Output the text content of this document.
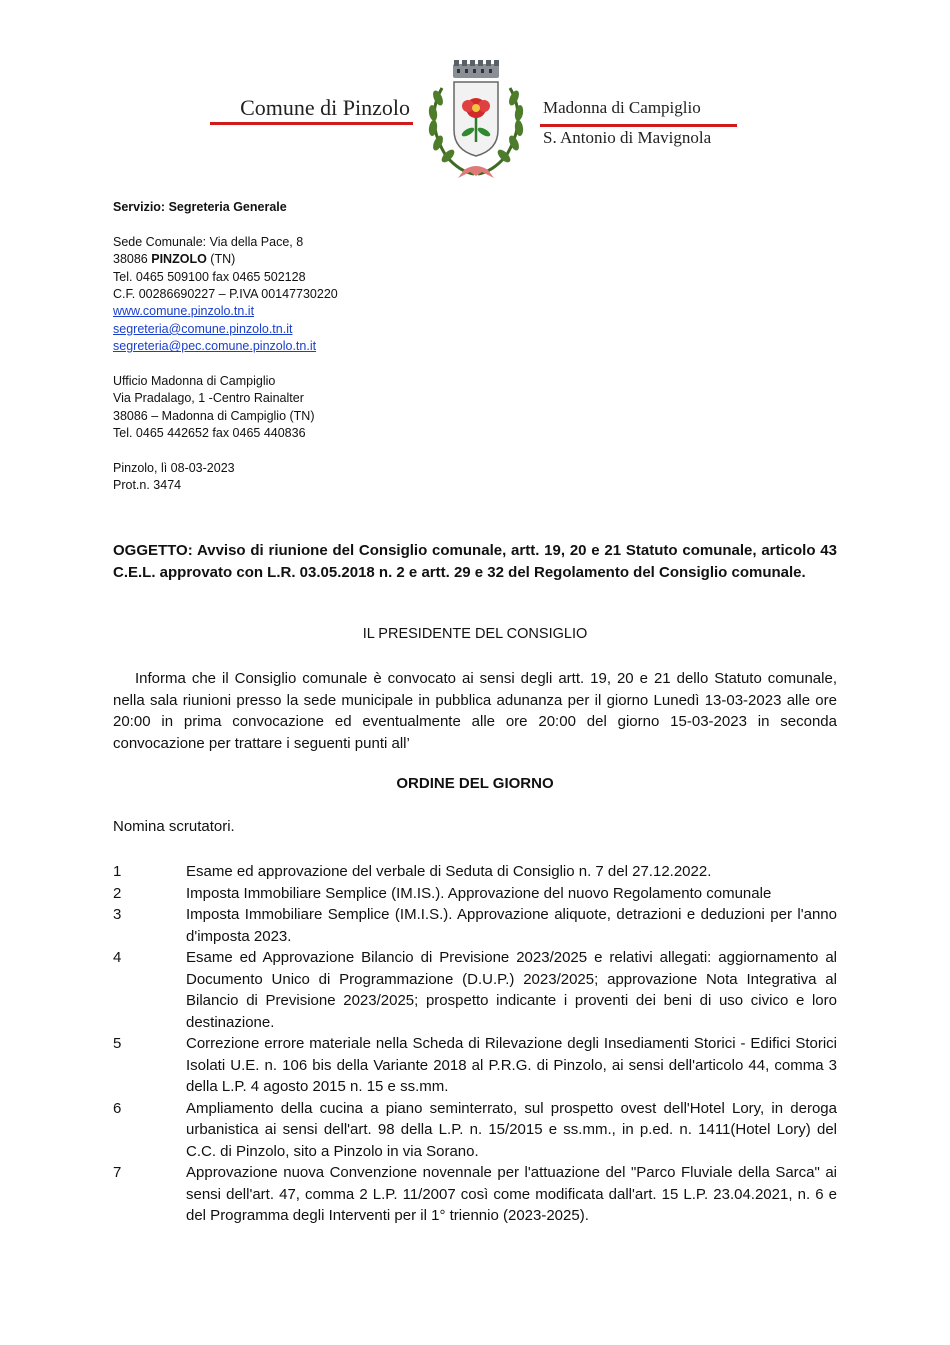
Comune di Pinzolo	Madonna di Campiglio
S. Antonio di Mavignola
Servizio: Segreteria Generale
Sede Comunale: Via della Pace, 8
38086 PINZOLO (TN)
Tel. 0465 509100 fax 0465 502128
C.F. 00286690227 – P.IVA 00147730220
www.comune.pinzolo.tn.it
segreteria@comune.pinzolo.tn.it
segreteria@pec.comune.pinzolo.tn.it
Ufficio Madonna di Campiglio
Via Pradalago, 1 -Centro Rainalter
38086 – Madonna di Campiglio (TN)
Tel. 0465 442652 fax 0465 440836
Pinzolo, lì 08-03-2023
Prot.n. 3474
OGGETTO: Avviso di riunione del Consiglio comunale, artt. 19, 20 e 21 Statuto comunale, articolo 43 C.E.L. approvato con L.R. 03.05.2018 n. 2 e artt. 29 e 32 del Regolamento del Consiglio comunale.
IL PRESIDENTE DEL CONSIGLIO
Informa che il Consiglio comunale è convocato ai sensi degli artt. 19, 20 e 21 dello Statuto comunale, nella sala riunioni presso la sede municipale in pubblica adunanza per il giorno Lunedì 13-03-2023 alle ore 20:00 in prima convocazione ed eventualmente alle ore 20:00 del giorno 15-03-2023 in seconda convocazione per trattare i seguenti punti all’
ORDINE DEL GIORNO
Nomina scrutatori.
1	Esame ed approvazione del verbale di Seduta di Consiglio n. 7 del 27.12.2022.
2	Imposta Immobiliare Semplice (IM.IS.). Approvazione del nuovo Regolamento comunale
3	Imposta Immobiliare Semplice (IM.I.S.). Approvazione aliquote, detrazioni e deduzioni per l'anno d'imposta 2023.
4	Esame ed Approvazione Bilancio di Previsione 2023/2025 e relativi allegati: aggiornamento al Documento Unico di Programmazione (D.U.P.) 2023/2025; approvazione Nota Integrativa al Bilancio di Previsione 2023/2025; prospetto indicante i proventi dei beni di uso civico e loro destinazione.
5	Correzione errore materiale nella Scheda di Rilevazione degli Insediamenti Storici - Edifici Storici Isolati U.E. n. 106 bis della Variante 2018 al P.R.G. di Pinzolo, ai sensi dell'articolo 44, comma 3 della L.P. 4 agosto 2015 n. 15 e ss.mm.
6	Ampliamento della cucina a piano seminterrato, sul prospetto ovest dell'Hotel Lory, in deroga urbanistica ai sensi dell'art. 98 della L.P. n. 15/2015 e ss.mm., in p.ed. n. 1411(Hotel Lory) del C.C. di Pinzolo, sito a Pinzolo in via Sorano.
7	Approvazione nuova Convenzione novennale per l'attuazione del "Parco Fluviale della Sarca" ai sensi dell'art. 47, comma 2 L.P. 11/2007 così come modificata dall'art. 15 L.P. 23.04.2021, n. 6 e del Programma degli Interventi per il 1° triennio (2023-2025).
